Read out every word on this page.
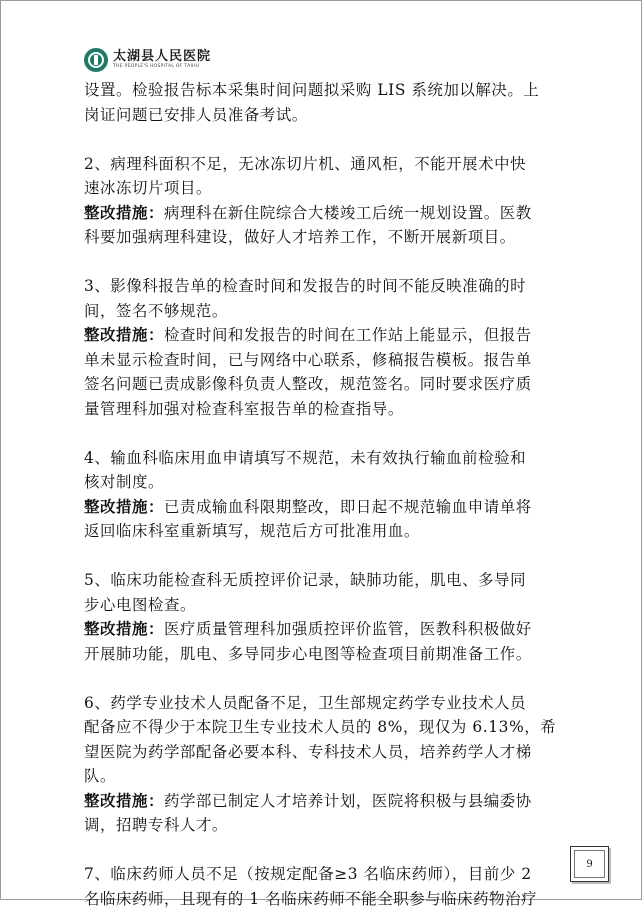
太湖县人民医院
THE PEOPLE'S HOSPITAL OF TAIHU

设置。检验报告标本采集时间问题拟采购 LIS 系统加以解决。上

岗证问题已安排人员准备考试。

2、病理科面积不足，无冰冻切片机、通风柜，不能开展术中快

速冰冻切片项目。

整改措施：病理科在新住院综合大楼竣工后统一规划设置。医教

科要加强病理科建设，做好人才培养工作，不断开展新项目。

3、影像科报告单的检查时间和发报告的时间不能反映准确的时

间，签名不够规范。

整改措施：检查时间和发报告的时间在工作站上能显示，但报告

单未显示检查时间，已与网络中心联系，修稿报告模板。报告单

签名问题已责成影像科负责人整改，规范签名。同时要求医疗质

量管理科加强对检查科室报告单的检查指导。

4、输血科临床用血申请填写不规范，未有效执行输血前检验和

核对制度。

整改措施：已责成输血科限期整改，即日起不规范输血申请单将

返回临床科室重新填写，规范后方可批准用血。

5、临床功能检查科无质控评价记录，缺肺功能，肌电、多导同

步心电图检查。

整改措施：医疗质量管理科加强质控评价监管，医教科积极做好

开展肺功能，肌电、多导同步心电图等检查项目前期准备工作。

6、药学专业技术人员配备不足，卫生部规定药学专业技术人员

配备应不得少于本院卫生专业技术人员的 8%，现仅为 6.13%，希

望医院为药学部配备必要本科、专科技术人员，培养药学人才梯

队。

整改措施：药学部已制定人才培养计划，医院将积极与县编委协

调，招聘专科人才。

7、临床药师人员不足（按规定配备≥3 名临床药师），目前少 2

名临床药师，且现有的 1 名临床药师不能全职参与临床药物治疗

9
